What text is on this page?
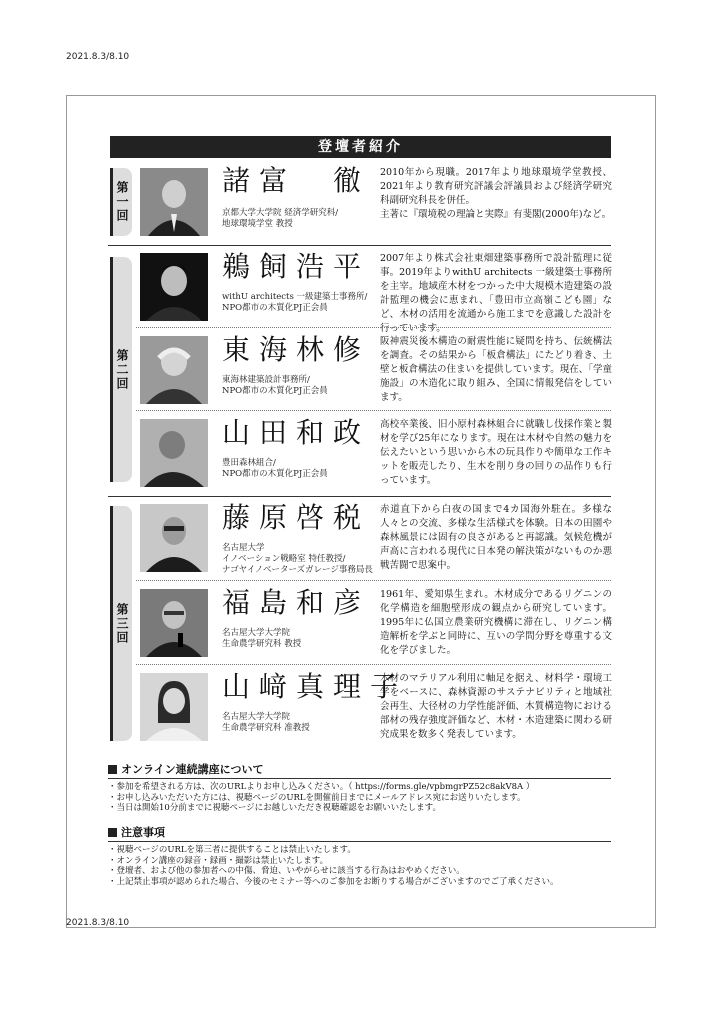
2021.8.3/8.10
登壇者紹介
第一回
諸富　徹
京都大学大学院 経済学研究科/
地球環境学堂 教授
2010年から現職。2017年より地球環境学堂教授、2021年より教育研究評議会評議員および経済学研究科副研究科長を併任。
主著に『環境税の理論と実際』有斐閣(2000年)など。
第二回
鵜飼浩平
withU architects 一級建築士事務所/
NPO都市の木質化PJ正会員
2007年より株式会社東畑建築事務所で設計監理に従事。2019年よりwithU architects 一級建築士事務所を主宰。地域産木材をつかった中大規模木造建築の設計監理の機会に恵まれ、「豊田市立高嶺こども園」など、木材の活用を流通から施工までを意識した設計を行っています。
東海林修
東海林建築設計事務所/
NPO都市の木質化PJ正会員
阪神震災後木構造の耐震性能に疑問を持ち、伝統構法を調査。その結果から「板倉構法」にたどり着き、土壁と板倉構法の住まいを提供しています。現在、「学童施設」の木造化に取り組み、全国に情報発信をしています。
山田和政
豊田森林組合/
NPO都市の木質化PJ正会員
高校卒業後、旧小原村森林組合に就職し伐採作業と製材を学び25年になります。現在は木材や自然の魅力を伝えたいという思いから木の玩具作りや簡単な工作キットを販売したり、生木を削り身の回りの品作りも行っています。
第三回
藤原啓税
名古屋大学
イノベーション戦略室 特任教授/
ナゴヤイノベーターズガレージ事務局長
赤道直下から白夜の国まで4カ国海外駐在。多様な人々との交流、多様な生活様式を体験。日本の田園や森林風景には固有の良さがあると再認識。気候危機が声高に言われる現代に日本発の解決策がないものか悪戦苦闘で思案中。
福島和彦
名古屋大学大学院
生命農学研究科 教授
1961年、愛知県生まれ。木材成分であるリグニンの化学構造を細胞壁形成の観点から研究しています。1995年に仏国立農業研究機構に滞在し、リグニン構造解析を学ぶと同時に、互いの学問分野を尊重する文化を学びました。
山﨑真理子
名古屋大学大学院
生命農学研究科 准教授
木材のマテリアル利用に軸足を据え、材料学・環境工学をベースに、森林資源のサステナビリティと地域社会再生、大径材の力学性能評価、木質構造物における部材の残存強度評価など、木材・木造建築に関わる研究成果を数多く発表しています。
オンライン連続講座について
・ 参加を希望される方は、次のURLよりお申し込みください。（ https://forms.gle/vpbmgrPZ52c8akV8A ）
・ お申し込みいただいた方には、視聴ページのURLを開催前日までにメールアドレス宛にお送りいたします。
・ 当日は開始10分前までに視聴ページにお越しいただき視聴確認をお願いいたします。
注意事項
・ 視聴ページのURLを第三者に提供することは禁止いたします。
・ オンライン講座の録音・録画・撮影は禁止いたします。
・ 登壇者、および他の参加者への中傷、脅迫、いやがらせに該当する行為はおやめください。
・ 上記禁止事項が認められた場合、今後のセミナー等へのご参加をお断りする場合がございますのでご了承ください。
2021.8.3/8.10
